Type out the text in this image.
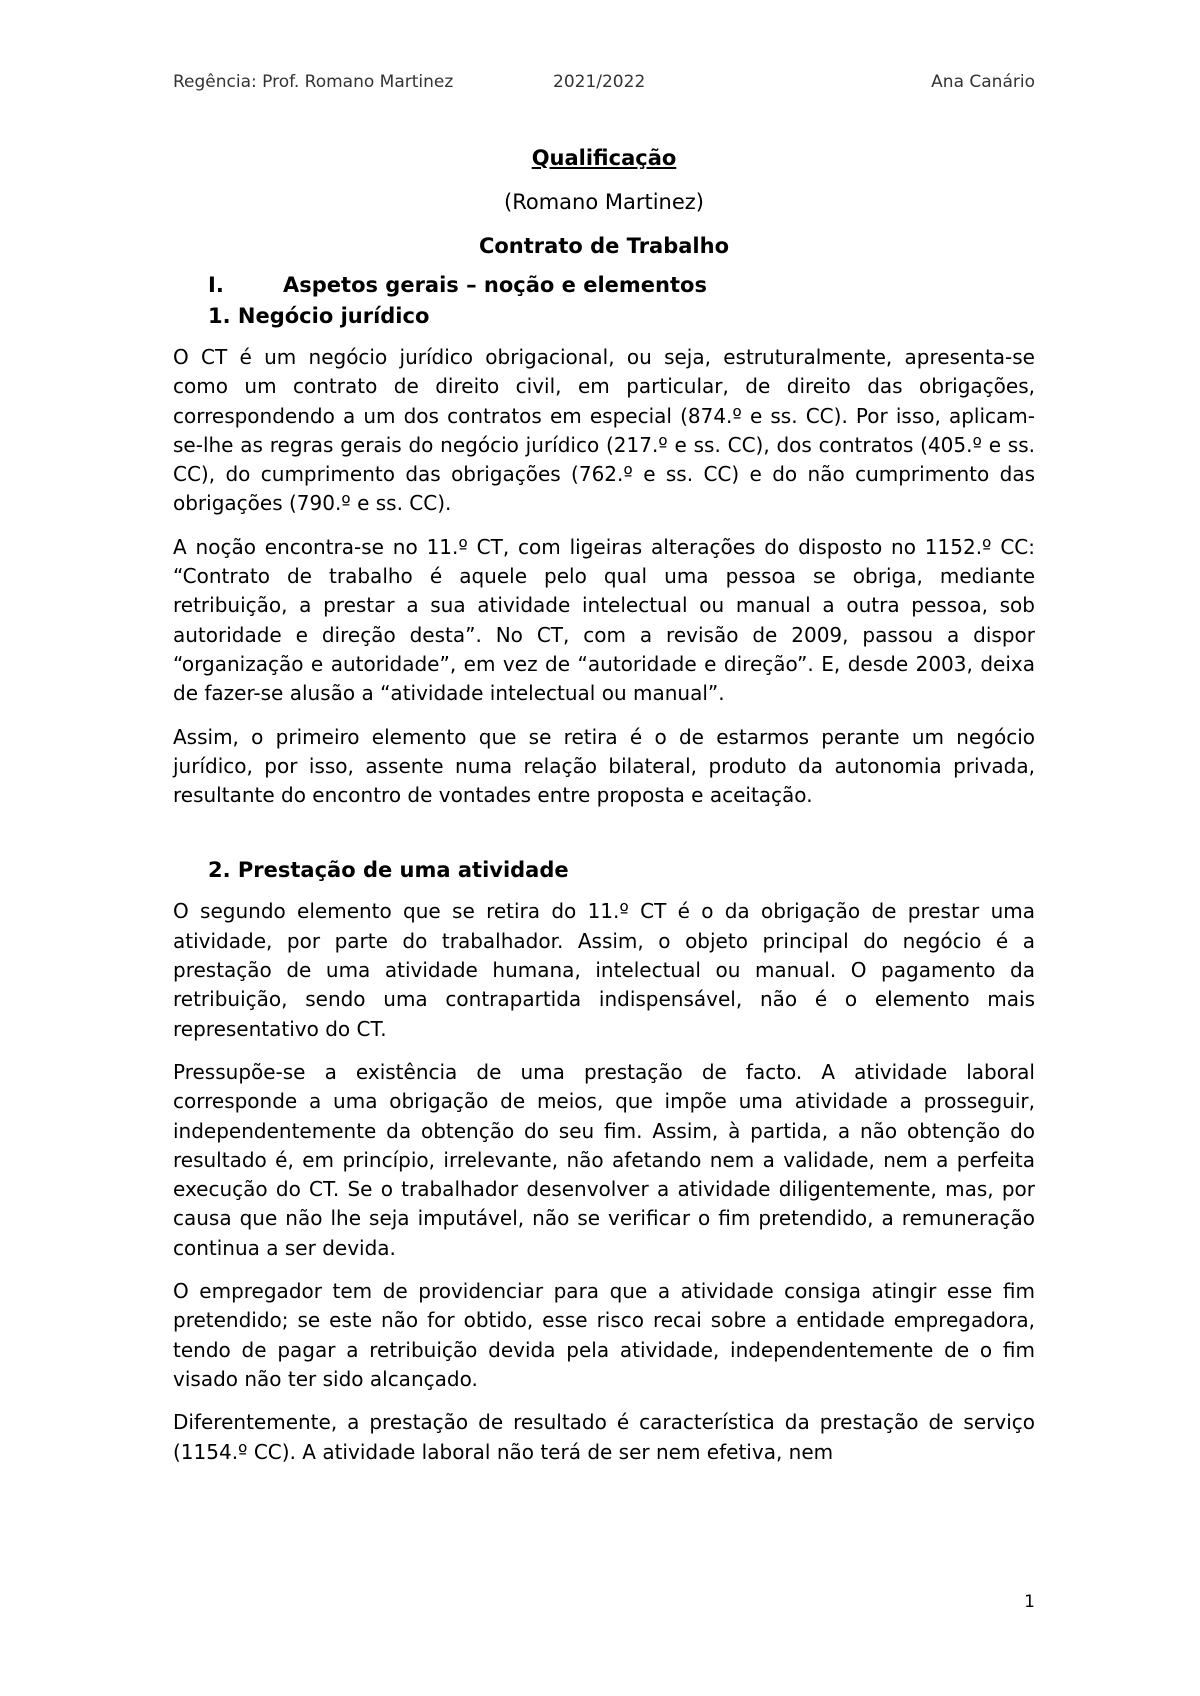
Regência: Prof. Romano Martinez	2021/2022	Ana Canário
Qualificação
(Romano Martinez)
Contrato de Trabalho
I.	Aspetos gerais – noção e elementos
1. Negócio jurídico

O CT é um negócio jurídico obrigacional, ou seja, estruturalmente, apresenta-se como um contrato de direito civil, em particular, de direito das obrigações, correspondendo a um dos contratos em especial (874.º e ss. CC). Por isso, aplicam-se-lhe as regras gerais do negócio jurídico (217.º e ss. CC), dos contratos (405.º e ss. CC), do cumprimento das obrigações (762.º e ss. CC) e do não cumprimento das obrigações (790.º e ss. CC).

A noção encontra-se no 11.º CT, com ligeiras alterações do disposto no 1152.º CC: “Contrato de trabalho é aquele pelo qual uma pessoa se obriga, mediante retribuição, a prestar a sua atividade intelectual ou manual a outra pessoa, sob autoridade e direção desta”. No CT, com a revisão de 2009, passou a dispor “organização e autoridade”, em vez de “autoridade e direção”. E, desde 2003, deixa de fazer-se alusão a “atividade intelectual ou manual”.

Assim, o primeiro elemento que se retira é o de estarmos perante um negócio jurídico, por isso, assente numa relação bilateral, produto da autonomia privada, resultante do encontro de vontades entre proposta e aceitação.

2. Prestação de uma atividade

O segundo elemento que se retira do 11.º CT é o da obrigação de prestar uma atividade, por parte do trabalhador. Assim, o objeto principal do negócio é a prestação de uma atividade humana, intelectual ou manual. O pagamento da retribuição, sendo uma contrapartida indispensável, não é o elemento mais representativo do CT.

Pressupõe-se a existência de uma prestação de facto. A atividade laboral corresponde a uma obrigação de meios, que impõe uma atividade a prosseguir, independentemente da obtenção do seu fim. Assim, à partida, a não obtenção do resultado é, em princípio, irrelevante, não afetando nem a validade, nem a perfeita execução do CT. Se o trabalhador desenvolver a atividade diligentemente, mas, por causa que não lhe seja imputável, não se verificar o fim pretendido, a remuneração continua a ser devida.

O empregador tem de providenciar para que a atividade consiga atingir esse fim pretendido; se este não for obtido, esse risco recai sobre a entidade empregadora, tendo de pagar a retribuição devida pela atividade, independentemente de o fim visado não ter sido alcançado.

Diferentemente, a prestação de resultado é característica da prestação de serviço (1154.º CC). A atividade laboral não terá de ser nem efetiva, nem

1
